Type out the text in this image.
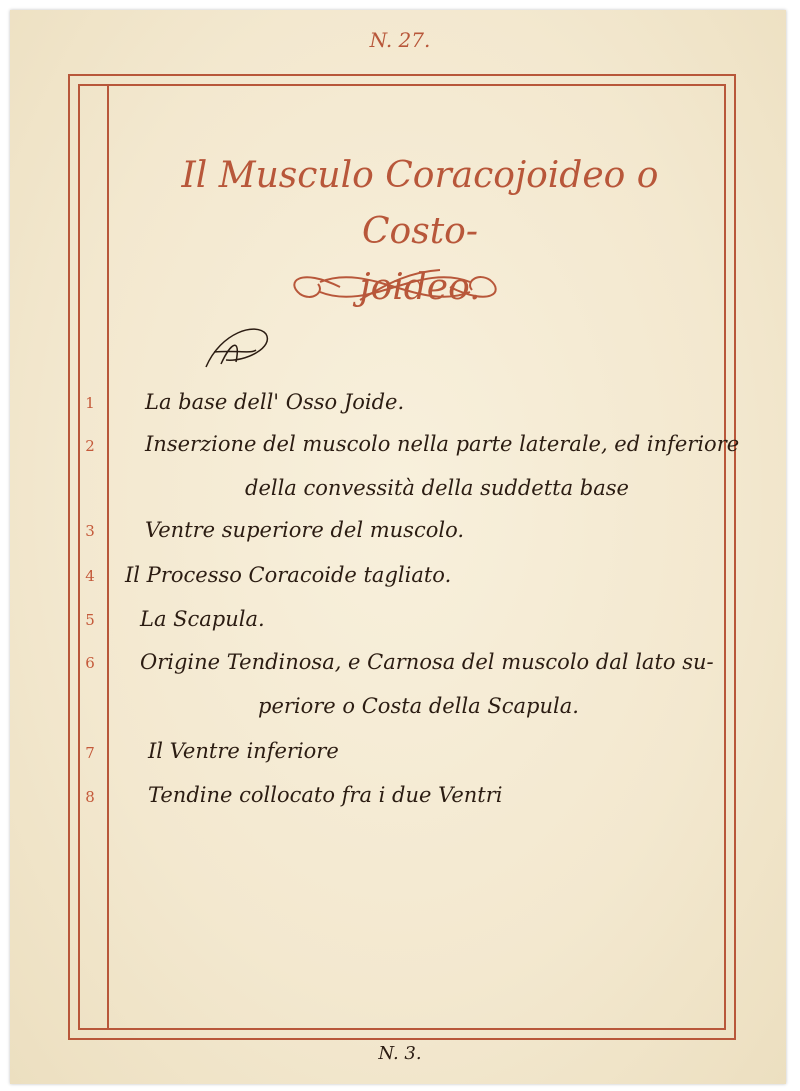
N. 27.
Il Musculo Coracojoideo o Costo-
joideo.
1	La base dell' Osso Joide.
2	Inserzione del muscolo nella parte laterale, ed inferiore
della convessità della suddetta base
3	Ventre superiore del muscolo.
4	Il Processo Coracoide tagliato.
5	La Scapula.
6	Origine Tendinosa, e Carnosa del muscolo dal lato su-
periore o Costa della Scapula.
7	Il Ventre inferiore
8	Tendine collocato fra i due Ventri
N. 3.
